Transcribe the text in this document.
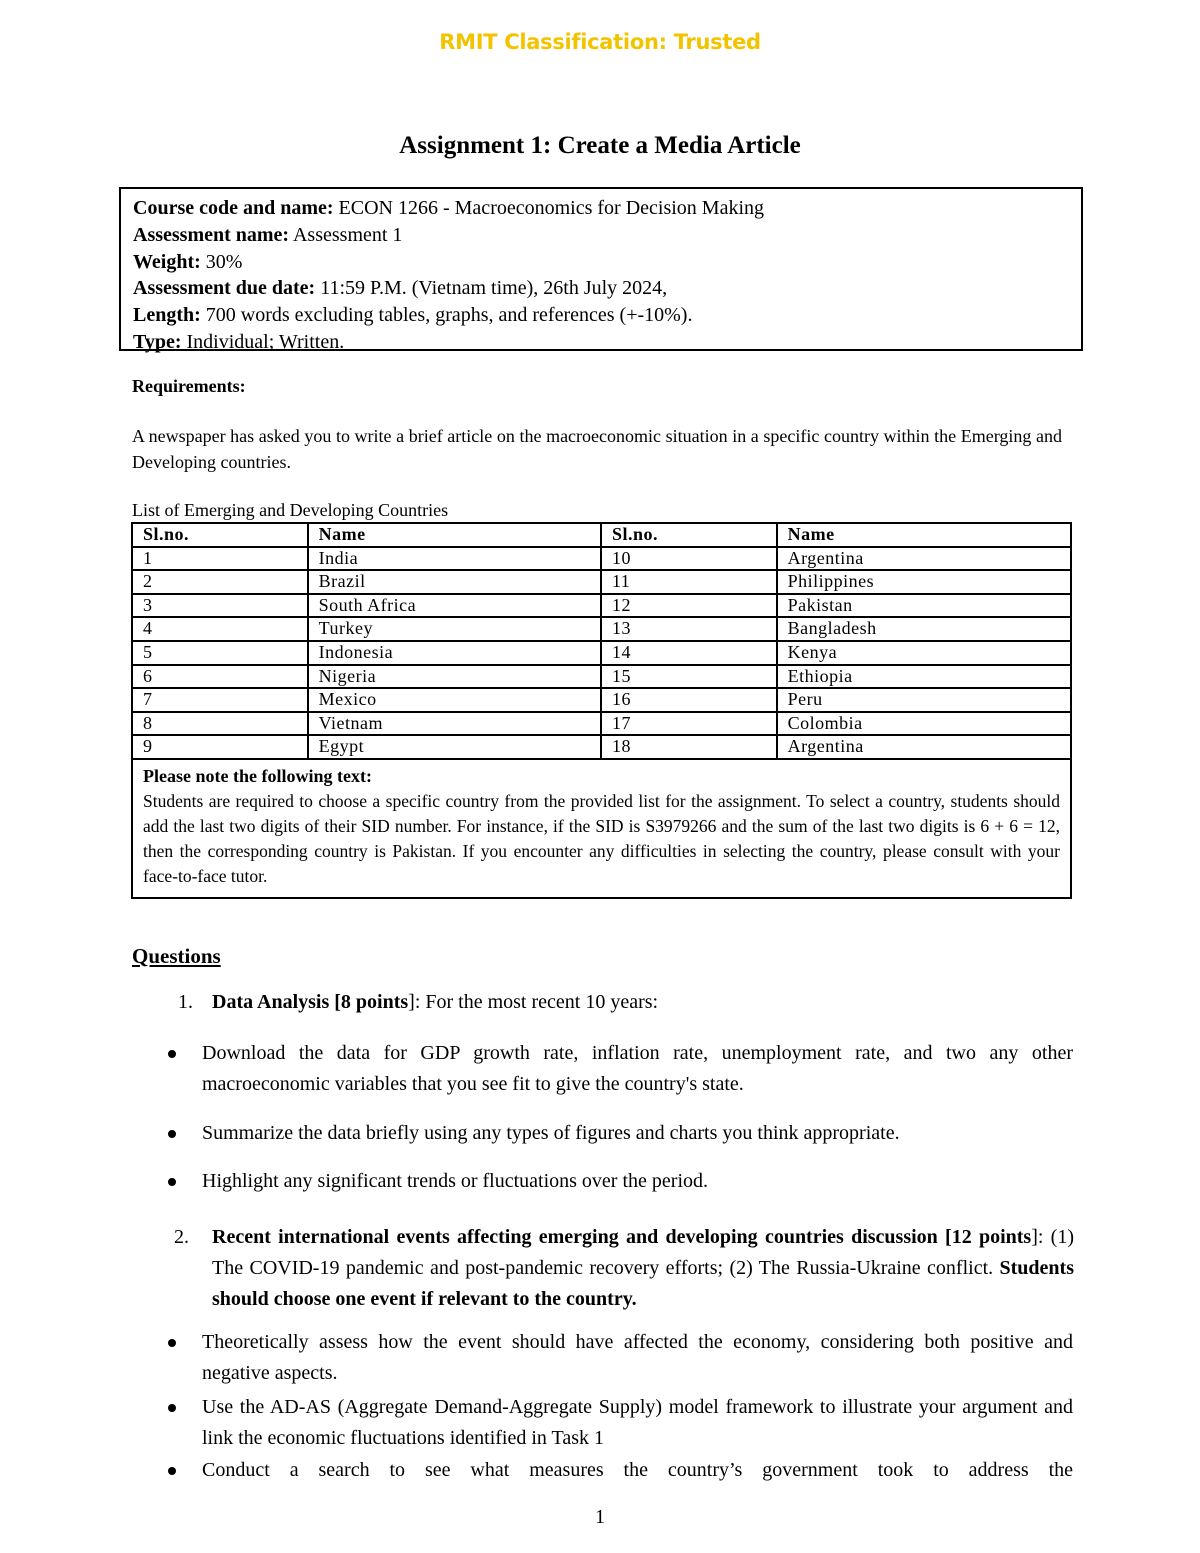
RMIT Classification: Trusted
Assignment 1: Create a Media Article
Course code and name: ECON 1266 - Macroeconomics for Decision Making
Assessment name: Assessment 1
Weight: 30%
Assessment due date: 11:59 P.M. (Vietnam time), 26th July 2024,
Length: 700 words excluding tables, graphs, and references (+-10%).
Type: Individual; Written.
Requirements:
A newspaper has asked you to write a brief article on the macroeconomic situation in a specific country within the Emerging and Developing countries.
List of Emerging and Developing Countries
Sl.no.	Name	Sl.no.	Name
1	India	10	Argentina
2	Brazil	11	Philippines
3	South Africa	12	Pakistan
4	Turkey	13	Bangladesh
5	Indonesia	14	Kenya
6	Nigeria	15	Ethiopia
7	Mexico	16	Peru
8	Vietnam	17	Colombia
9	Egypt	18	Argentina

Please note the following text:
Students are required to choose a specific country from the provided list for the assignment. To select a country, students should add the last two digits of their SID number. For instance, if the SID is S3979266 and the sum of the last two digits is 6 + 6 = 12, then the corresponding country is Pakistan. If you encounter any difficulties in selecting the country, please consult with your face-to-face tutor.			
Questions
1. Data Analysis [8 points]: For the most recent 10 years:
Download the data for GDP growth rate, inflation rate, unemployment rate, and two any other macroeconomic variables that you see fit to give the country's state.
Summarize the data briefly using any types of figures and charts you think appropriate.
Highlight any significant trends or fluctuations over the period.
2. Recent international events affecting emerging and developing countries discussion [12 points]: (1) The COVID-19 pandemic and post-pandemic recovery efforts; (2) The Russia-Ukraine conflict. Students should choose one event if relevant to the country.
Theoretically assess how the event should have affected the economy, considering both positive and negative aspects.
Use the AD-AS (Aggregate Demand-Aggregate Supply) model framework to illustrate your argument and link the economic fluctuations identified in Task 1
Conduct a search to see what measures the country’s government took to address the
1
